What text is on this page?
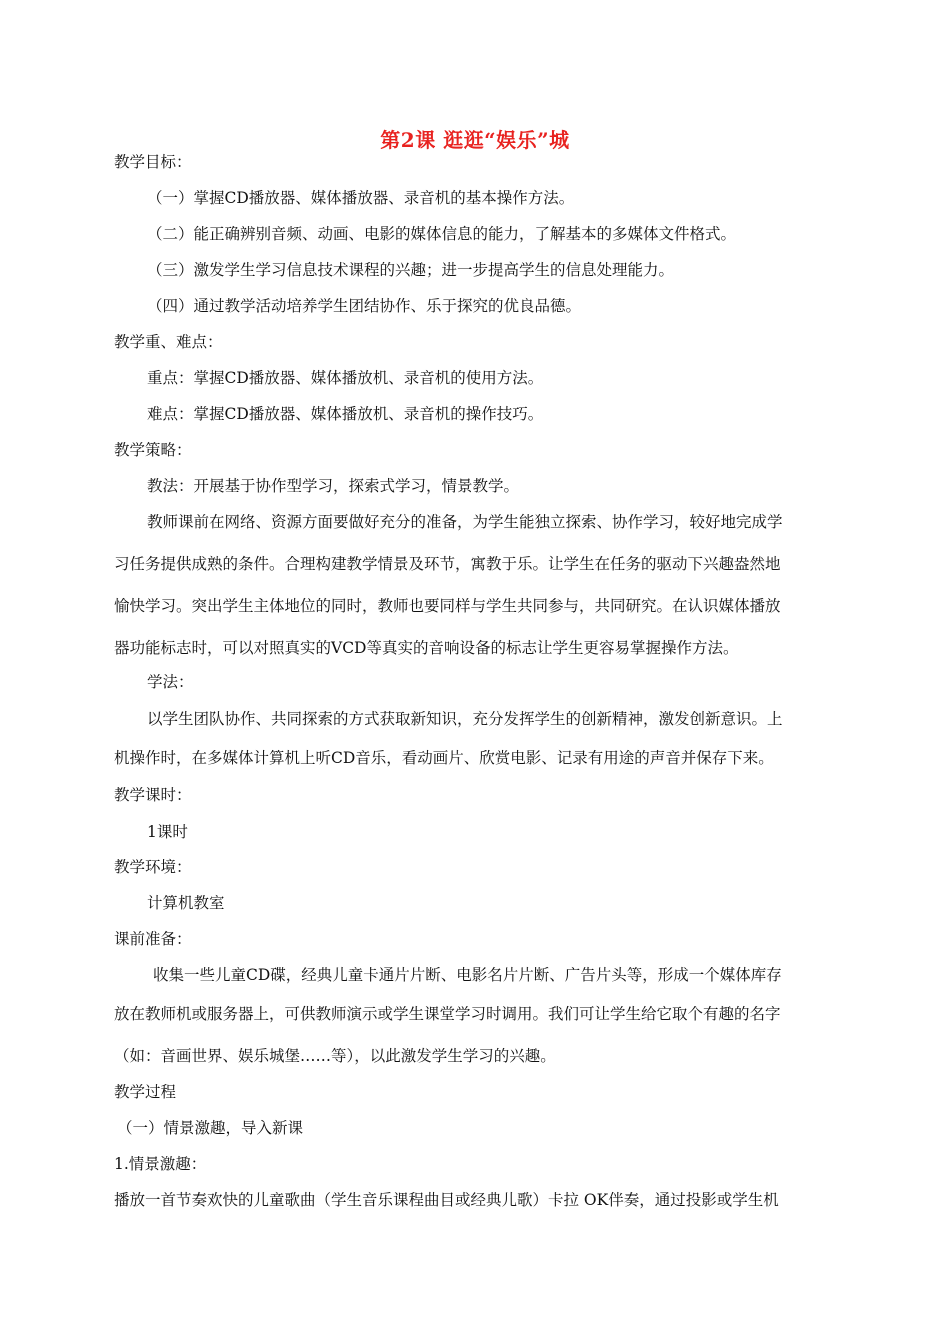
第2课 逛逛“娱乐”城
教学目标：
（一）掌握CD播放器、媒体播放器、录音机的基本操作方法。
（二）能正确辨别音频、动画、电影的媒体信息的能力，了解基本的多媒体文件格式。
（三）激发学生学习信息技术课程的兴趣；进一步提高学生的信息处理能力。
（四）通过教学活动培养学生团结协作、乐于探究的优良品德。
教学重、难点：
重点：掌握CD播放器、媒体播放机、录音机的使用方法。
难点：掌握CD播放器、媒体播放机、录音机的操作技巧。
教学策略：
教法：开展基于协作型学习，探索式学习，情景教学。
教师课前在网络、资源方面要做好充分的准备，为学生能独立探索、协作学习，较好地完成学
习任务提供成熟的条件。合理构建教学情景及环节，寓教于乐。让学生在任务的驱动下兴趣盎然地
愉快学习。突出学生主体地位的同时，教师也要同样与学生共同参与，共同研究。在认识媒体播放
器功能标志时，可以对照真实的VCD等真实的音响设备的标志让学生更容易掌握操作方法。
学法：
以学生团队协作、共同探索的方式获取新知识，充分发挥学生的创新精神，激发创新意识。上
机操作时，在多媒体计算机上听CD音乐，看动画片、欣赏电影、记录有用途的声音并保存下来。
教学课时：
1课时
教学环境：
计算机教室
课前准备：
收集一些儿童CD碟，经典儿童卡通片片断、电影名片片断、广告片头等，形成一个媒体库存
放在教师机或服务器上，可供教师演示或学生课堂学习时调用。我们可让学生给它取个有趣的名字
（如：音画世界、娱乐城堡……等），以此激发学生学习的兴趣。
教学过程
（一）情景激趣，导入新课
1.情景激趣：
播放一首节奏欢快的儿童歌曲（学生音乐课程曲目或经典儿歌）卡拉 OK伴奏，通过投影或学生机
